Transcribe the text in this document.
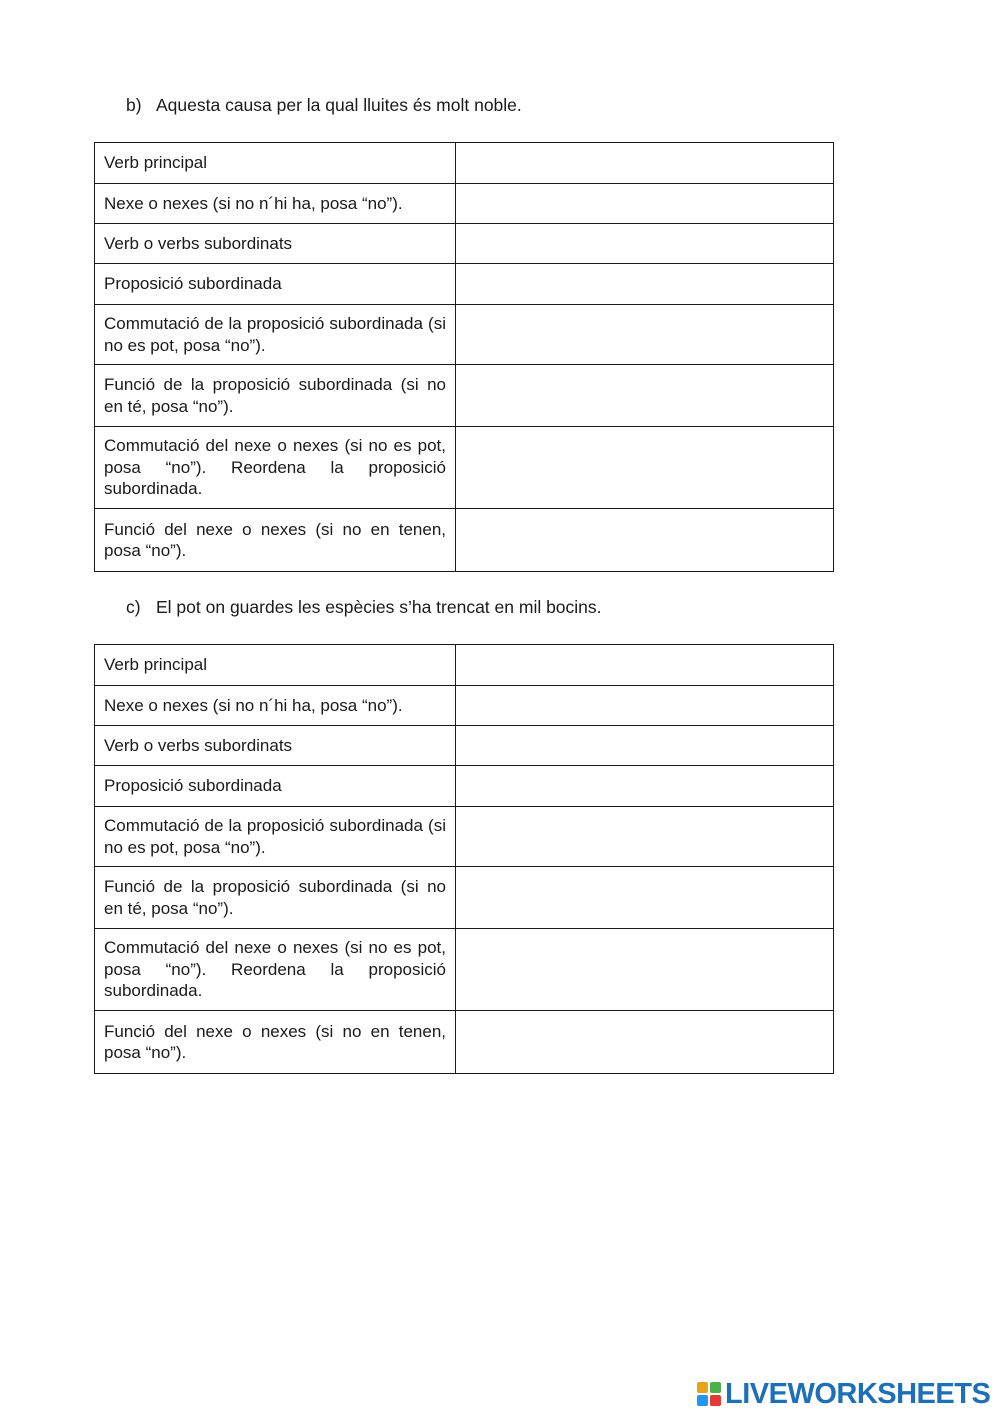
b) Aquesta causa per la qual lluites és molt noble.
Verb principal	
Nexe o nexes (si no n´hi ha, posa “no”).	
Verb o verbs subordinats	
Proposició subordinada	
Commutació de la proposició subordinada (si no es pot, posa “no”).	
Funció de la proposició subordinada (si no en té, posa “no”).	
Commutació del nexe o nexes (si no es pot, posa “no”). Reordena la proposició subordinada.	
Funció del nexe o nexes (si no en tenen, posa “no”).	
c) El pot on guardes les espècies s’ha trencat en mil bocins.
Verb principal	
Nexe o nexes (si no n´hi ha, posa “no”).	
Verb o verbs subordinats	
Proposició subordinada	
Commutació de la proposició subordinada (si no es pot, posa “no”).	
Funció de la proposició subordinada (si no en té, posa “no”).	
Commutació del nexe o nexes (si no es pot, posa “no”). Reordena la proposició subordinada.	
Funció del nexe o nexes (si no en tenen, posa “no”).	
LIVEWORKSHEETS
